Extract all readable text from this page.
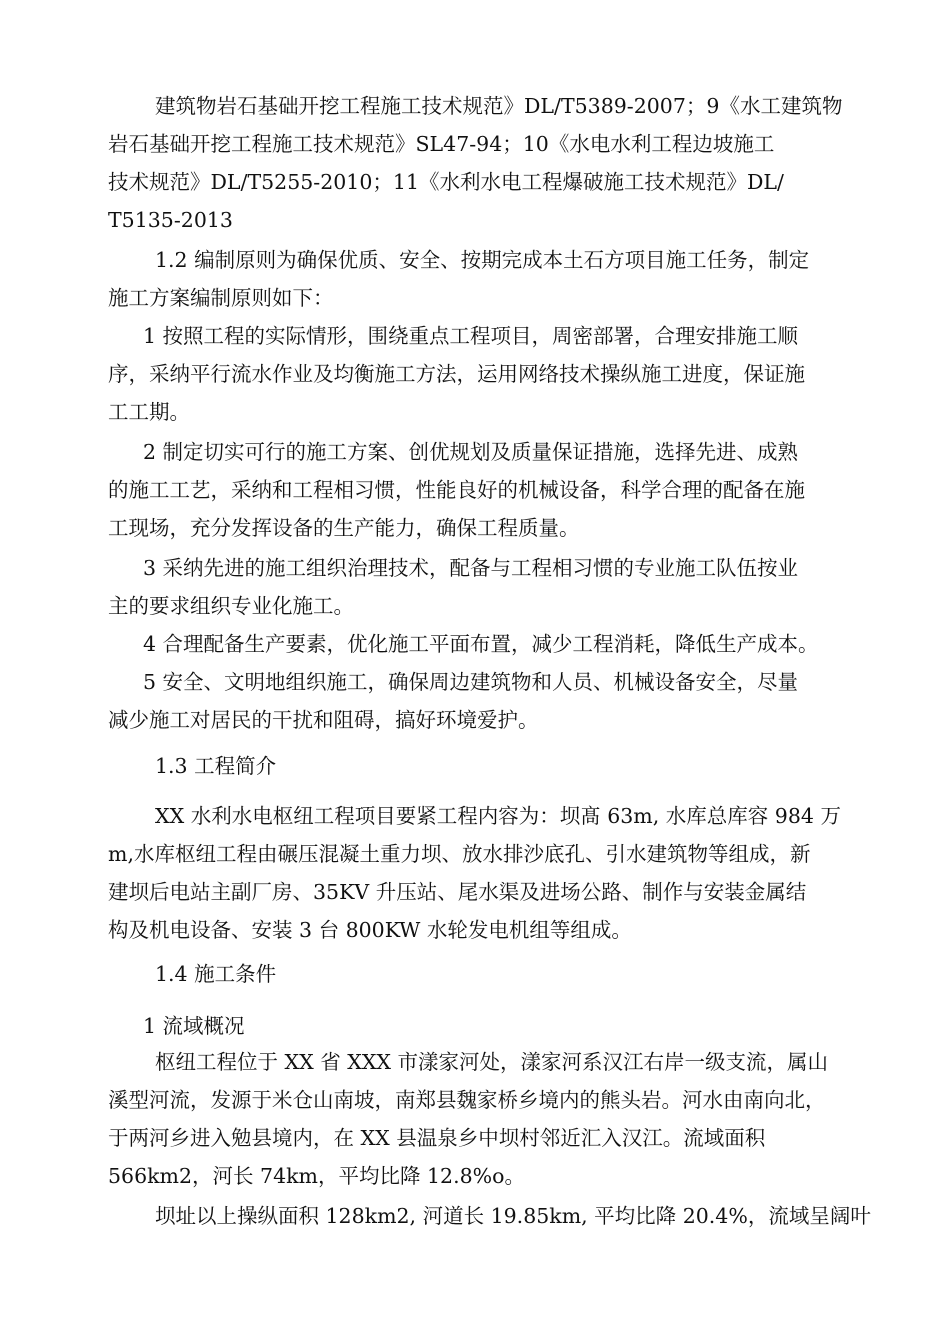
建筑物岩石基础开挖工程施工技术规范》DL/T5389-2007；9《水工建筑物
岩石基础开挖工程施工技术规范》SL47-94；10《水电水利工程边坡施工
技术规范》DL/T5255-2010；11《水利水电工程爆破施工技术规范》DL/
T5135-2013
1.2 编制原则为确保优质、安全、按期完成本土石方项目施工任务，制定
施工方案编制原则如下：
1 按照工程的实际情形，围绕重点工程项目，周密部署，合理安排施工顺
序，采纳平行流水作业及均衡施工方法，运用网络技术操纵施工进度，保证施
工工期。
2 制定切实可行的施工方案、创优规划及质量保证措施，选择先进、成熟
的施工工艺，采纳和工程相习惯，性能良好的机械设备，科学合理的配备在施
工现场，充分发挥设备的生产能力，确保工程质量。
3 采纳先进的施工组织治理技术，配备与工程相习惯的专业施工队伍按业
主的要求组织专业化施工。
4 合理配备生产要素，优化施工平面布置，减少工程消耗，降低生产成本。
5 安全、文明地组织施工，确保周边建筑物和人员、机械设备安全，尽量
减少施工对居民的干扰和阻碍，搞好环境爱护。
1.3 工程简介
XX 水利水电枢纽工程项目要紧工程内容为：坝髙 63m, 水库总库容 984 万
m,水库枢纽工程由碾压混凝土重力坝、放水排沙底孔、引水建筑物等组成，新
建坝后电站主副厂房、35KV 升压站、尾水渠及进场公路、制作与安装金属结
构及机电设备、安装 3 台 800KW 水轮发电机组等组成。
1.4 施工条件
1 流域概况
枢纽工程位于 XX 省 XXX 市漾家河处，漾家河系汉江右岸一级支流，属山
溪型河流，发源于米仓山南坡，南郑县魏家桥乡境内的熊头岩。河水由南向北，
于两河乡进入勉县境内，在 XX 县温泉乡中坝村邻近汇入汉江。流域面积
566km2，河长 74km，平均比降 12.8%o。
坝址以上操纵面积 128km2, 河道长 19.85km, 平均比降 20.4%，流域呈阔叶
